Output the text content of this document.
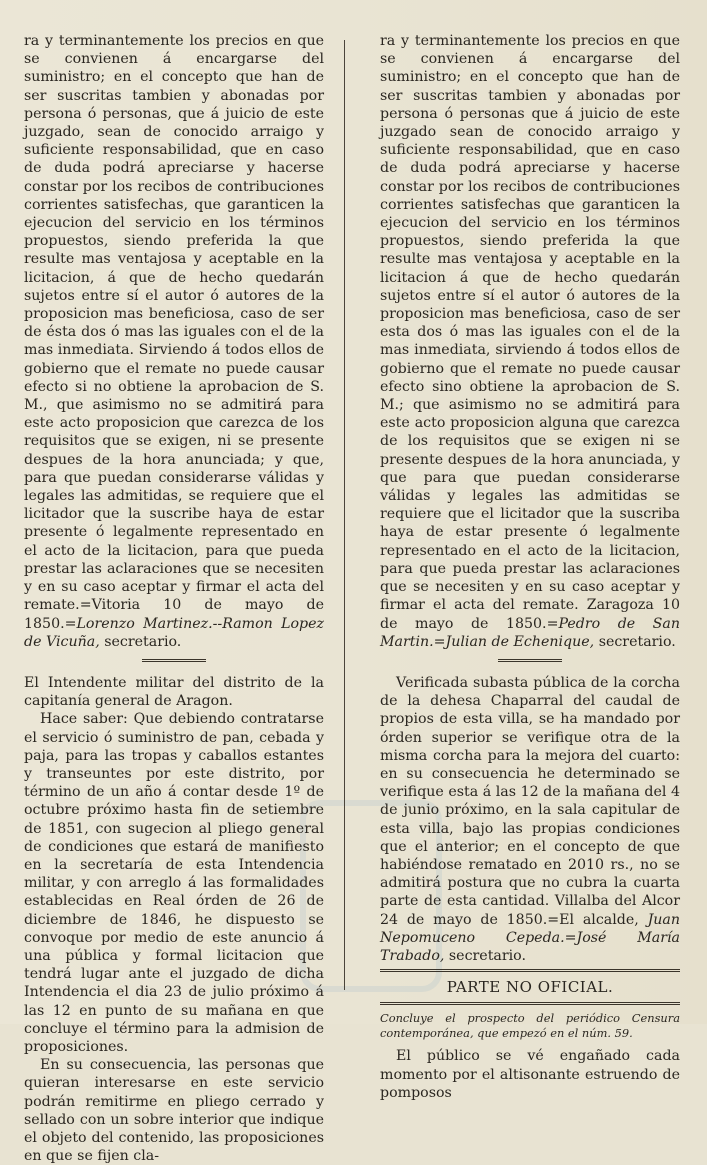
ra y terminantemente los precios en que se convienen á encargarse del suministro; en el concepto que han de ser suscritas tambien y abonadas por persona ó personas, que á juicio de este juzgado, sean de conocido arraigo y suficiente responsabilidad, que en caso de duda podrá apreciarse y hacerse constar por los recibos de contribuciones corrientes satisfechas, que garanticen la ejecucion del servicio en los términos propuestos, siendo preferida la que resulte mas ventajosa y aceptable en la licitacion, á que de hecho quedarán sujetos entre sí el autor ó autores de la proposicion mas beneficiosa, caso de ser de ésta dos ó mas las iguales con el de la mas inmediata. Sirviendo á todos ellos de gobierno que el remate no puede causar efecto si no obtiene la aprobacion de S. M., que asimismo no se admitirá para este acto proposicion que carezca de los requisitos que se exigen, ni se presente despues de la hora anunciada; y que, para que puedan considerarse válidas y legales las admitidas, se requiere que el licitador que la suscribe haya de estar presente ó legalmente representado en el acto de la licitacion, para que pueda prestar las aclaraciones que se necesiten y en su caso aceptar y firmar el acta del remate.=Vitoria 10 de mayo de 1850.=Lorenzo Martinez.--Ramon Lopez de Vicuña, secretario.

El Intendente militar del distrito de la capitanía general de Aragon.

Hace saber: Que debiendo contratarse el servicio ó suministro de pan, cebada y paja, para las tropas y caballos estantes y transeuntes por este distrito, por término de un año á contar desde 1º de octubre próximo hasta fin de setiembre de 1851, con sugecion al pliego general de condiciones que estará de manifiesto en la secretaría de esta Intendencia militar, y con arreglo á las formalidades establecidas en Real órden de 26 de diciembre de 1846, he dispuesto se convoque por medio de este anuncio á una pública y formal licitacion que tendrá lugar ante el juzgado de dicha Intendencia el dia 23 de julio próximo á las 12 en punto de su mañana en que concluye el término para la admision de proposiciones.

En su consecuencia, las personas que quieran interesarse en este servicio podrán remitirme en pliego cerrado y sellado con un sobre interior que indique el objeto del contenido, las proposiciones en que se fijen cla-

ra y terminantemente los precios en que se convienen á encargarse del suministro; en el concepto que han de ser suscritas tambien y abonadas por persona ó personas que á juicio de este juzgado sean de conocido arraigo y suficiente responsabilidad, que en caso de duda podrá apreciarse y hacerse constar por los recibos de contribuciones corrientes satisfechas que garanticen la ejecucion del servicio en los términos propuestos, siendo preferida la que resulte mas ventajosa y aceptable en la licitacion á que de hecho quedarán sujetos entre sí el autor ó autores de la proposicion mas beneficiosa, caso de ser esta dos ó mas las iguales con el de la mas inmediata, sirviendo á todos ellos de gobierno que el remate no puede causar efecto sino obtiene la aprobacion de S. M.; que asimismo no se admitirá para este acto proposicion alguna que carezca de los requisitos que se exigen ni se presente despues de la hora anunciada, y que para que puedan considerarse válidas y legales las admitidas se requiere que el licitador que la suscriba haya de estar presente ó legalmente representado en el acto de la licitacion, para que pueda prestar las aclaraciones que se necesiten y en su caso aceptar y firmar el acta del remate. Zaragoza 10 de mayo de 1850.=Pedro de San Martin.=Julian de Echenique, secretario.

Verificada subasta pública de la corcha de la dehesa Chaparral del caudal de propios de esta villa, se ha mandado por órden superior se verifique otra de la misma corcha para la mejora del cuarto: en su consecuencia he determinado se verifique esta á las 12 de la mañana del 4 de junio próximo, en la sala capitular de esta villa, bajo las propias condiciones que el anterior; en el concepto de que habiéndose rematado en 2010 rs., no se admitirá postura que no cubra la cuarta parte de esta cantidad. Villalba del Alcor 24 de mayo de 1850.=El alcalde, Juan Nepomuceno Cepeda.=José María Trabado, secretario.

PARTE NO OFICIAL.

Concluye el prospecto del periódico Censura contemporánea, que empezó en el núm. 59.

El público se vé engañado cada momento por el altisonante estruendo de pomposos
